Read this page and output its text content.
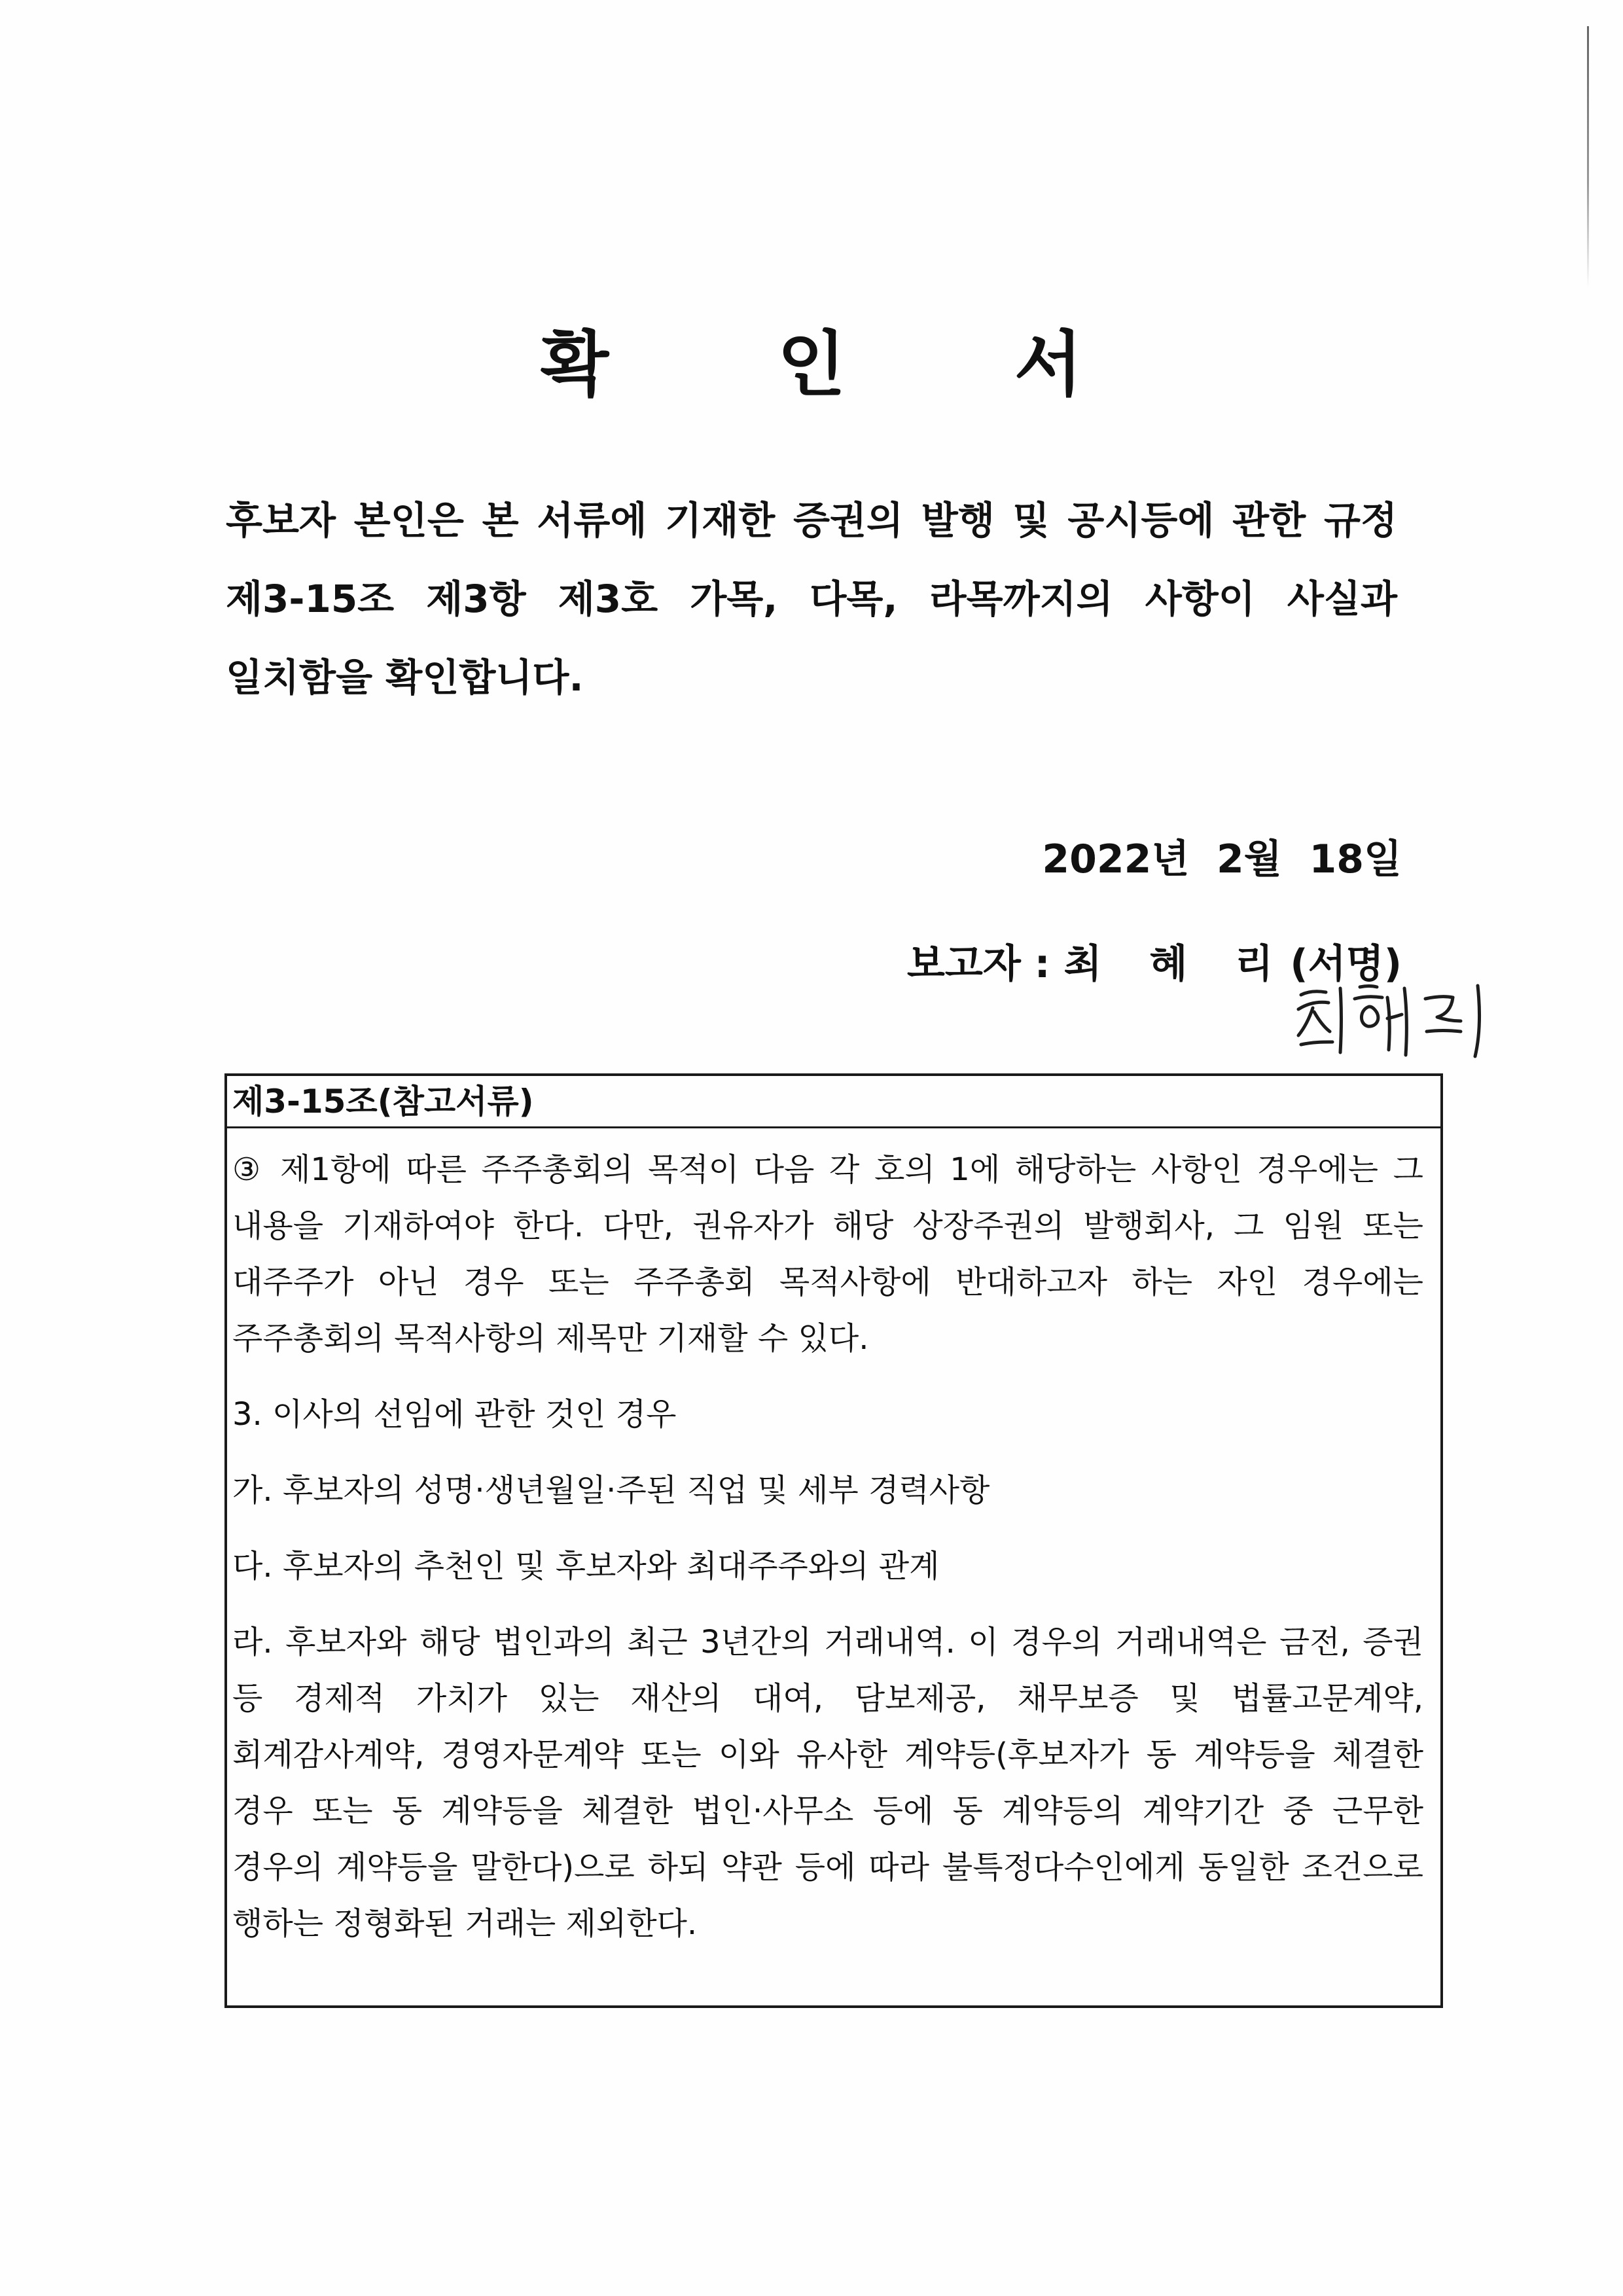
확 인 서
후보자 본인은 본 서류에 기재한 증권의 발행 및 공시등에 관한 규정 제3-15조 제3항 제3호 가목, 다목, 라목까지의 사항이 사실과 일치함을 확인합니다.
2022년  2월  18일
보고자 : 최 혜 리(서명)
제3-15조(참고서류)

③ 제1항에 따른 주주총회의 목적이 다음 각 호의 1에 해당하는 사항인 경우에는 그 내용을 기재하여야 한다. 다만, 권유자가 해당 상장주권의 발행회사, 그 임원 또는 대주주가 아닌 경우 또는 주주총회 목적사항에 반대하고자 하는 자인 경우에는 주주총회의 목적사항의 제목만 기재할 수 있다.

3. 이사의 선임에 관한 것인 경우

가. 후보자의 성명·생년월일·주된 직업 및 세부 경력사항

다. 후보자의 추천인 및 후보자와 최대주주와의 관계

라. 후보자와 해당 법인과의 최근 3년간의 거래내역. 이 경우의 거래내역은 금전, 증권 등 경제적 가치가 있는 재산의 대여, 담보제공, 채무보증 및 법률고문계약, 회계감사계약, 경영자문계약 또는 이와 유사한 계약등(후보자가 동 계약등을 체결한 경우 또는 동 계약등을 체결한 법인·사무소 등에 동 계약등의 계약기간 중 근무한 경우의 계약등을 말한다)으로 하되 약관 등에 따라 불특정다수인에게 동일한 조건으로 행하는 정형화된 거래는 제외한다.
